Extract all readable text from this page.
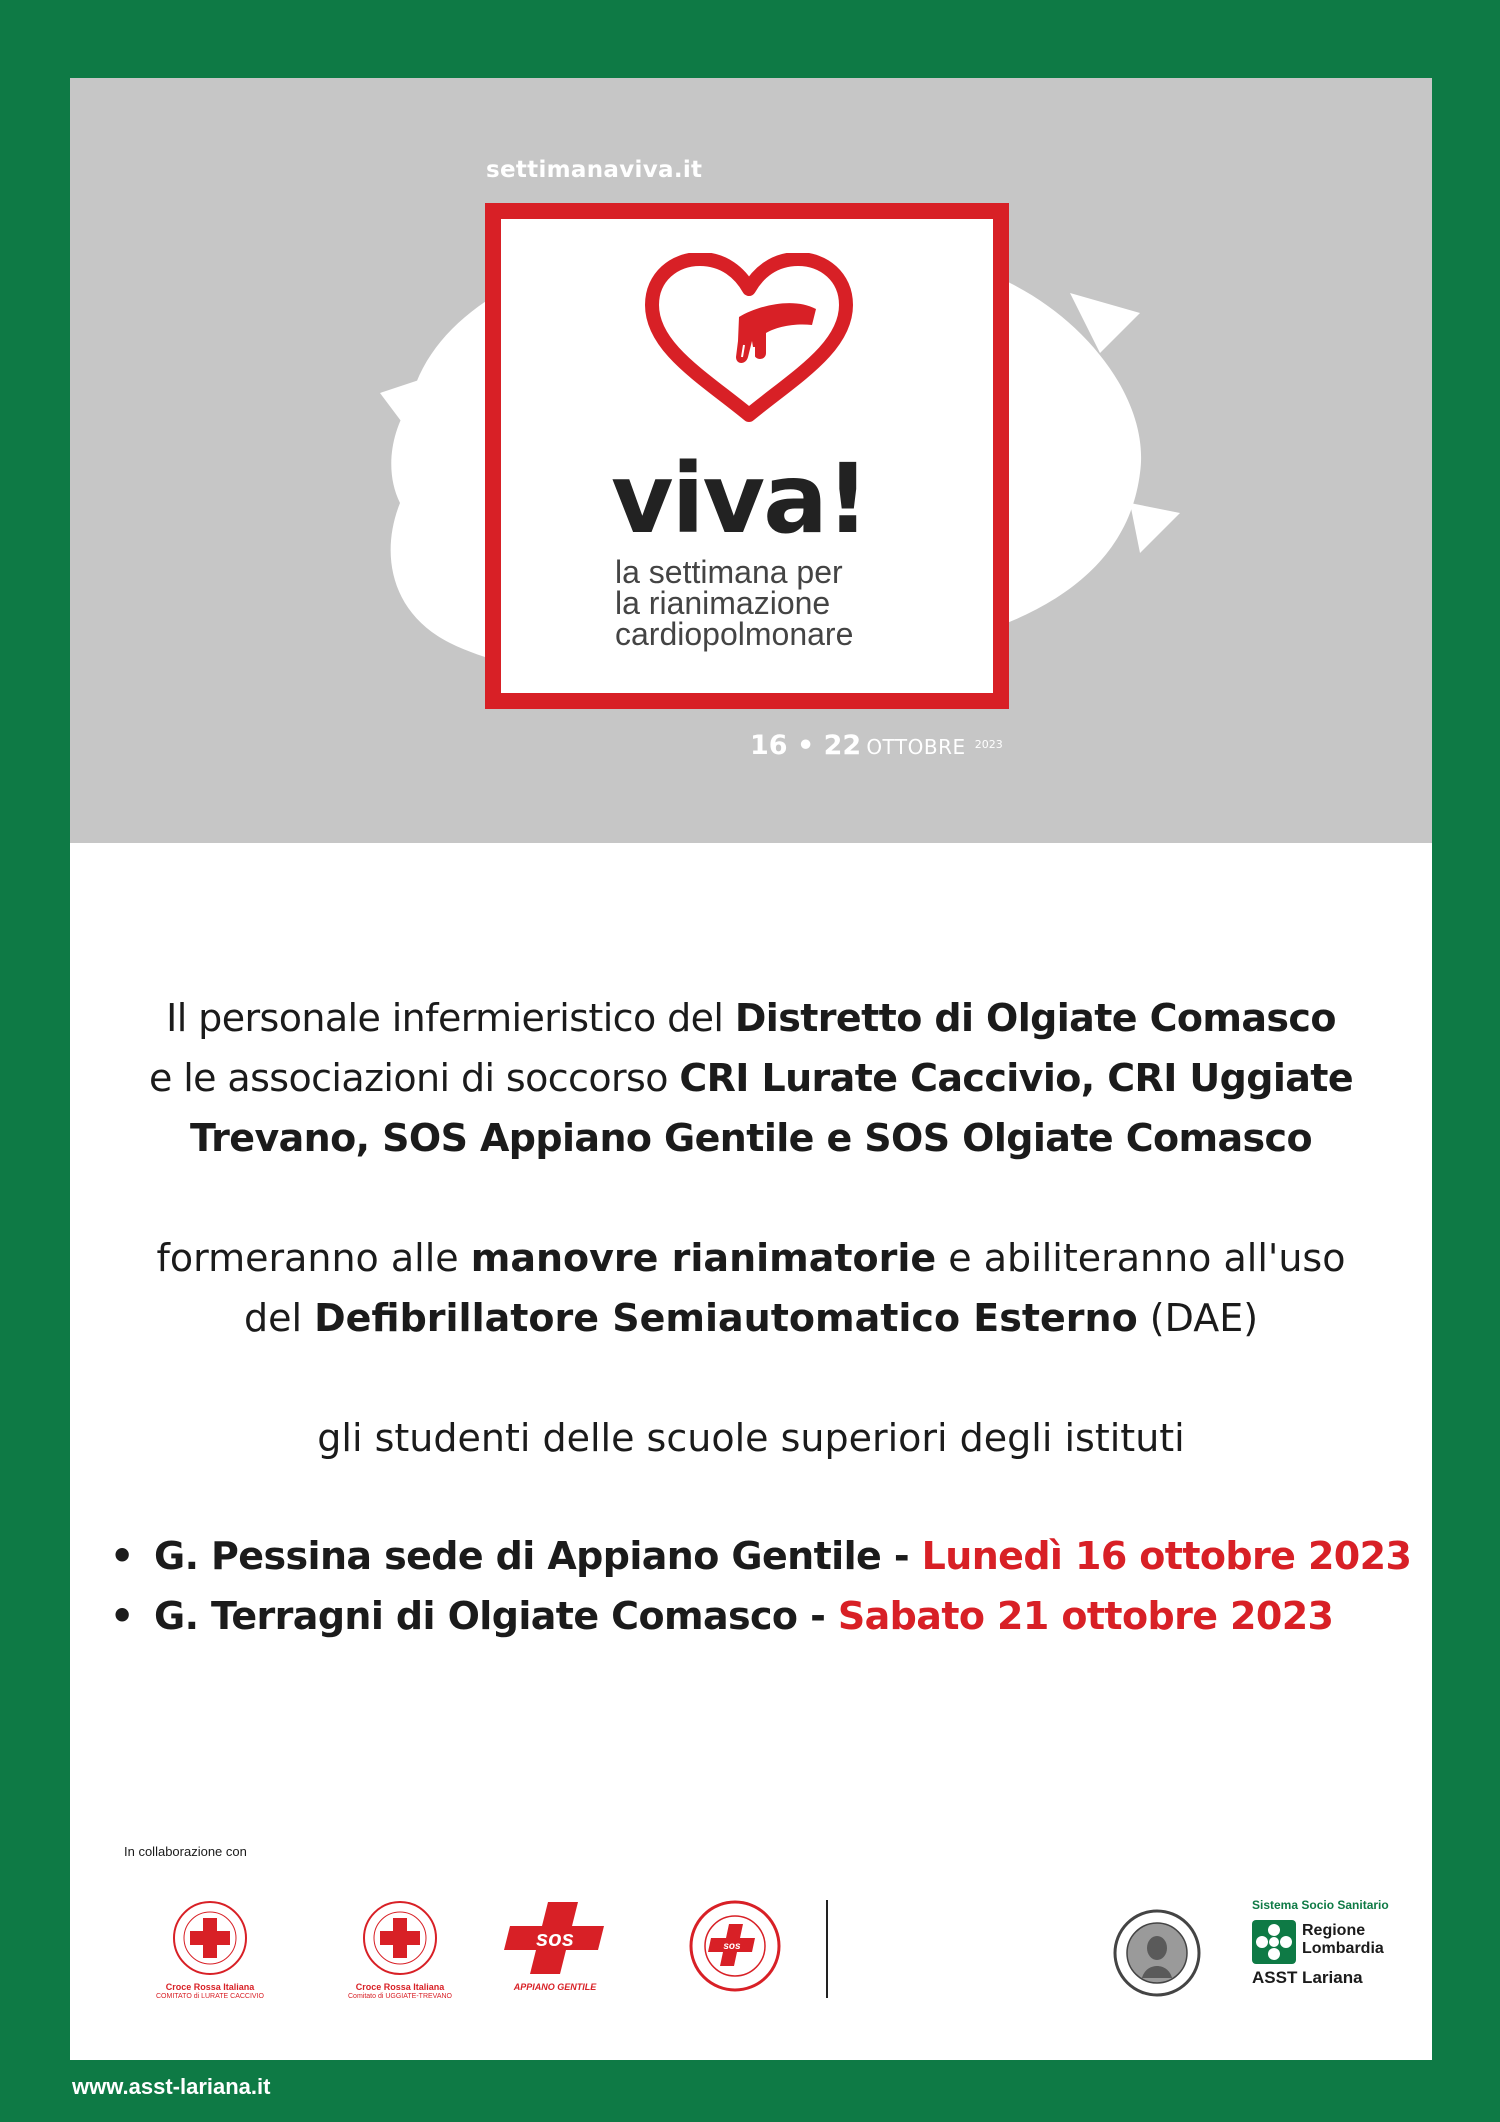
settimanaviva.it
viva!
la settimana per
la rianimazione
cardiopolmonare
16 • 22 OTTOBRE $^{2023}$

Il personale infermieristico del Distretto di Olgiate Comasco
e le associazioni di soccorso CRI Lurate Caccivio, CRI Uggiate
Trevano, SOS Appiano Gentile e SOS Olgiate Comasco

formeranno alle manovre rianimatorie e abiliteranno all'uso
del Defibrillatore Semiautomatico Esterno (DAE)

gli studenti delle scuole superiori degli istituti

• G. Pessina sede di Appiano Gentile - Lunedì 16 ottobre 2023
• G. Terragni di Olgiate Comasco - Sabato 21 ottobre 2023
In collaborazione con
Croce Rossa Italiana
COMITATO di LURATE CACCIVIO
Croce Rossa Italiana
Comitato di UGGIATE-TREVANO
sos
APPIANO GENTILE
sos
Sistema Socio Sanitario
Regione
Lombardia
ASST Lariana
www.asst-lariana.it
